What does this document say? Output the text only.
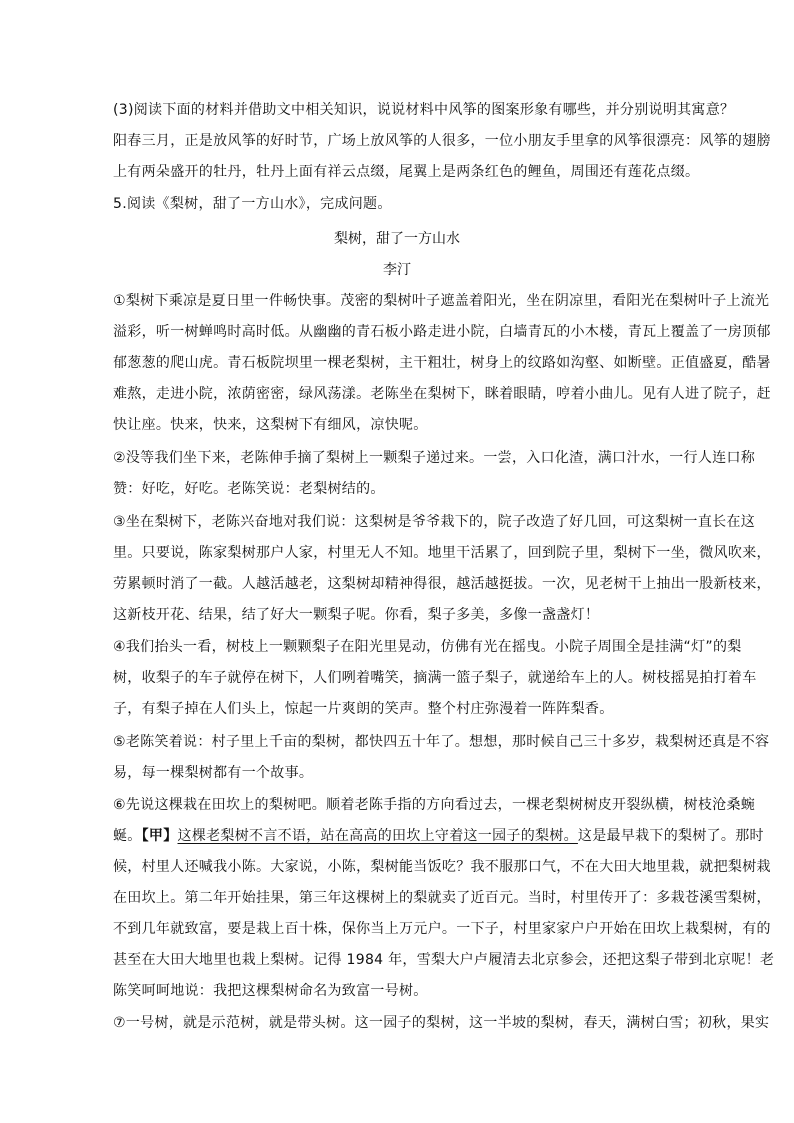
(3)阅读下面的材料并借助文中相关知识，说说材料中风筝的图案形象有哪些，并分别说明其寓意？
阳春三月，正是放风筝的好时节，广场上放风筝的人很多，一位小朋友手里拿的风筝很漂亮：风筝的翅膀
上有两朵盛开的牡丹，牡丹上面有祥云点缀，尾翼上是两条红色的鲤鱼，周围还有莲花点缀。
5.阅读《梨树，甜了一方山水》，完成问题。
梨树，甜了一方山水
李汀
①梨树下乘凉是夏日里一件畅快事。茂密的梨树叶子遮盖着阳光，坐在阴凉里，看阳光在梨树叶子上流光
溢彩，听一树蝉鸣时高时低。从幽幽的青石板小路走进小院，白墙青瓦的小木楼，青瓦上覆盖了一房顶郁
郁葱葱的爬山虎。青石板院坝里一棵老梨树，主干粗壮，树身上的纹路如沟壑、如断壁。正值盛夏，酷暑
难熬，走进小院，浓荫密密，绿风荡漾。老陈坐在梨树下，眯着眼睛，哼着小曲儿。见有人进了院子，赶
快让座。快来，快来，这梨树下有细风，凉快呢。
②没等我们坐下来，老陈伸手摘了梨树上一颗梨子递过来。一尝，入口化渣，满口汁水，一行人连口称
赞：好吃，好吃。老陈笑说：老梨树结的。
③坐在梨树下，老陈兴奋地对我们说：这梨树是爷爷栽下的，院子改造了好几回，可这梨树一直长在这
里。只要说，陈家梨树那户人家，村里无人不知。地里干活累了，回到院子里，梨树下一坐，微风吹来，
劳累顿时消了一截。人越活越老，这梨树却精神得很，越活越挺拔。一次，见老树干上抽出一股新枝来，
这新枝开花、结果，结了好大一颗梨子呢。你看，梨子多美，多像一盏盏灯！
④我们抬头一看，树枝上一颗颗梨子在阳光里晃动，仿佛有光在摇曳。小院子周围全是挂满“灯”的梨
树，收梨子的车子就停在树下，人们咧着嘴笑，摘满一篮子梨子，就递给车上的人。树枝摇晃拍打着车
子，有梨子掉在人们头上，惊起一片爽朗的笑声。整个村庄弥漫着一阵阵梨香。
⑤老陈笑着说：村子里上千亩的梨树，都快四五十年了。想想，那时候自己三十多岁，栽梨树还真是不容
易，每一棵梨树都有一个故事。
⑥先说这棵栽在田坎上的梨树吧。顺着老陈手指的方向看过去，一棵老梨树树皮开裂纵横，树枝沧桑蜿
蜒。【甲】这棵老梨树不言不语，站在高高的田坎上守着这一园子的梨树。这是最早栽下的梨树了。那时
候，村里人还喊我小陈。大家说，小陈，梨树能当饭吃？我不服那口气，不在大田大地里栽，就把梨树栽
在田坎上。第二年开始挂果，第三年这棵树上的梨就卖了近百元。当时，村里传开了：多栽苍溪雪梨树，
不到几年就致富，要是栽上百十株，保你当上万元户。一下子，村里家家户户开始在田坎上栽梨树，有的
甚至在大田大地里也栽上梨树。记得 1984 年，雪梨大户卢履清去北京参会，还把这梨子带到北京呢！老
陈笑呵呵地说：我把这棵梨树命名为致富一号树。
⑦一号树，就是示范树，就是带头树。这一园子的梨树，这一半坡的梨树，春天，满树白雪；初秋，果实
